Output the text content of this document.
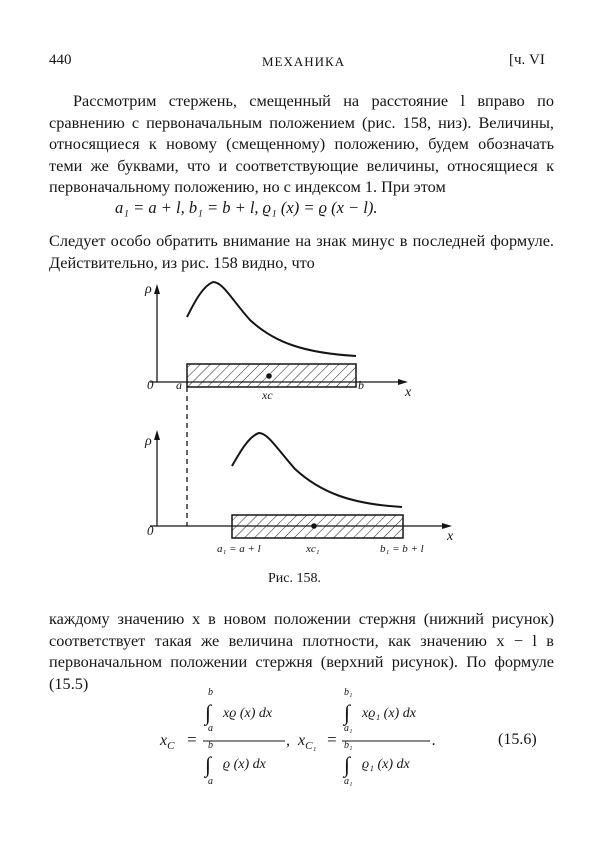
440	МЕХАНИКА	[ч. VI

Рассмотрим стержень, смещенный на расстояние l вправо по сравнению с первоначальным положением (рис. 158, низ). Величины, относящиеся к новому (смещенному) положению, будем обозначать теми же буквами, что и соответствующие величины, относящиеся к первоначальному положению, но с индексом 1. При этом

a₁ = a + l, b₁ = b + l, ϱ₁ (x) = ϱ (x − l).

Следует особо обратить внимание на знак минус в последней формуле. Действительно, из рис. 158 видно, что

ρ
x
0 a	b
xc
ρ
x
0
a₁ = a + l	b₁ = b + l
xc₁
Рис. 158.

каждому значению x в новом положении стержня (нижний рисунок) соответствует такая же величина плотности, как значению x − l в первоначальном положении стержня (верхний рисунок). По формуле (15.5)

$x_C$ =
b
∫
a
xϱ (x) dx
b
∫
a
ϱ (x) dx
, $x_{C_1}$ =
b₁
∫
a₁
xϱ₁ (x) dx
b₁
∫
a₁
ϱ₁ (x) dx
.	(15.6)
